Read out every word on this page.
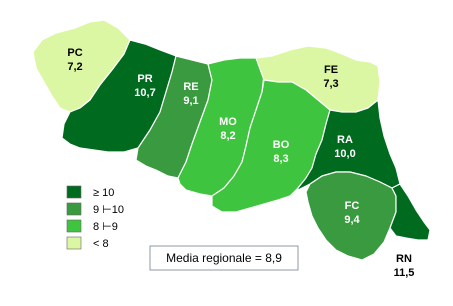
PC
7,2
PR
10,7	RE
9,1
MO
8,2
BO
8,3
FE
7,3
RA
10,0
FC
9,4
RN
11,5
≥ 10
9 ⊢10
8 ⊢9
< 8
Media regionale = 8,9
